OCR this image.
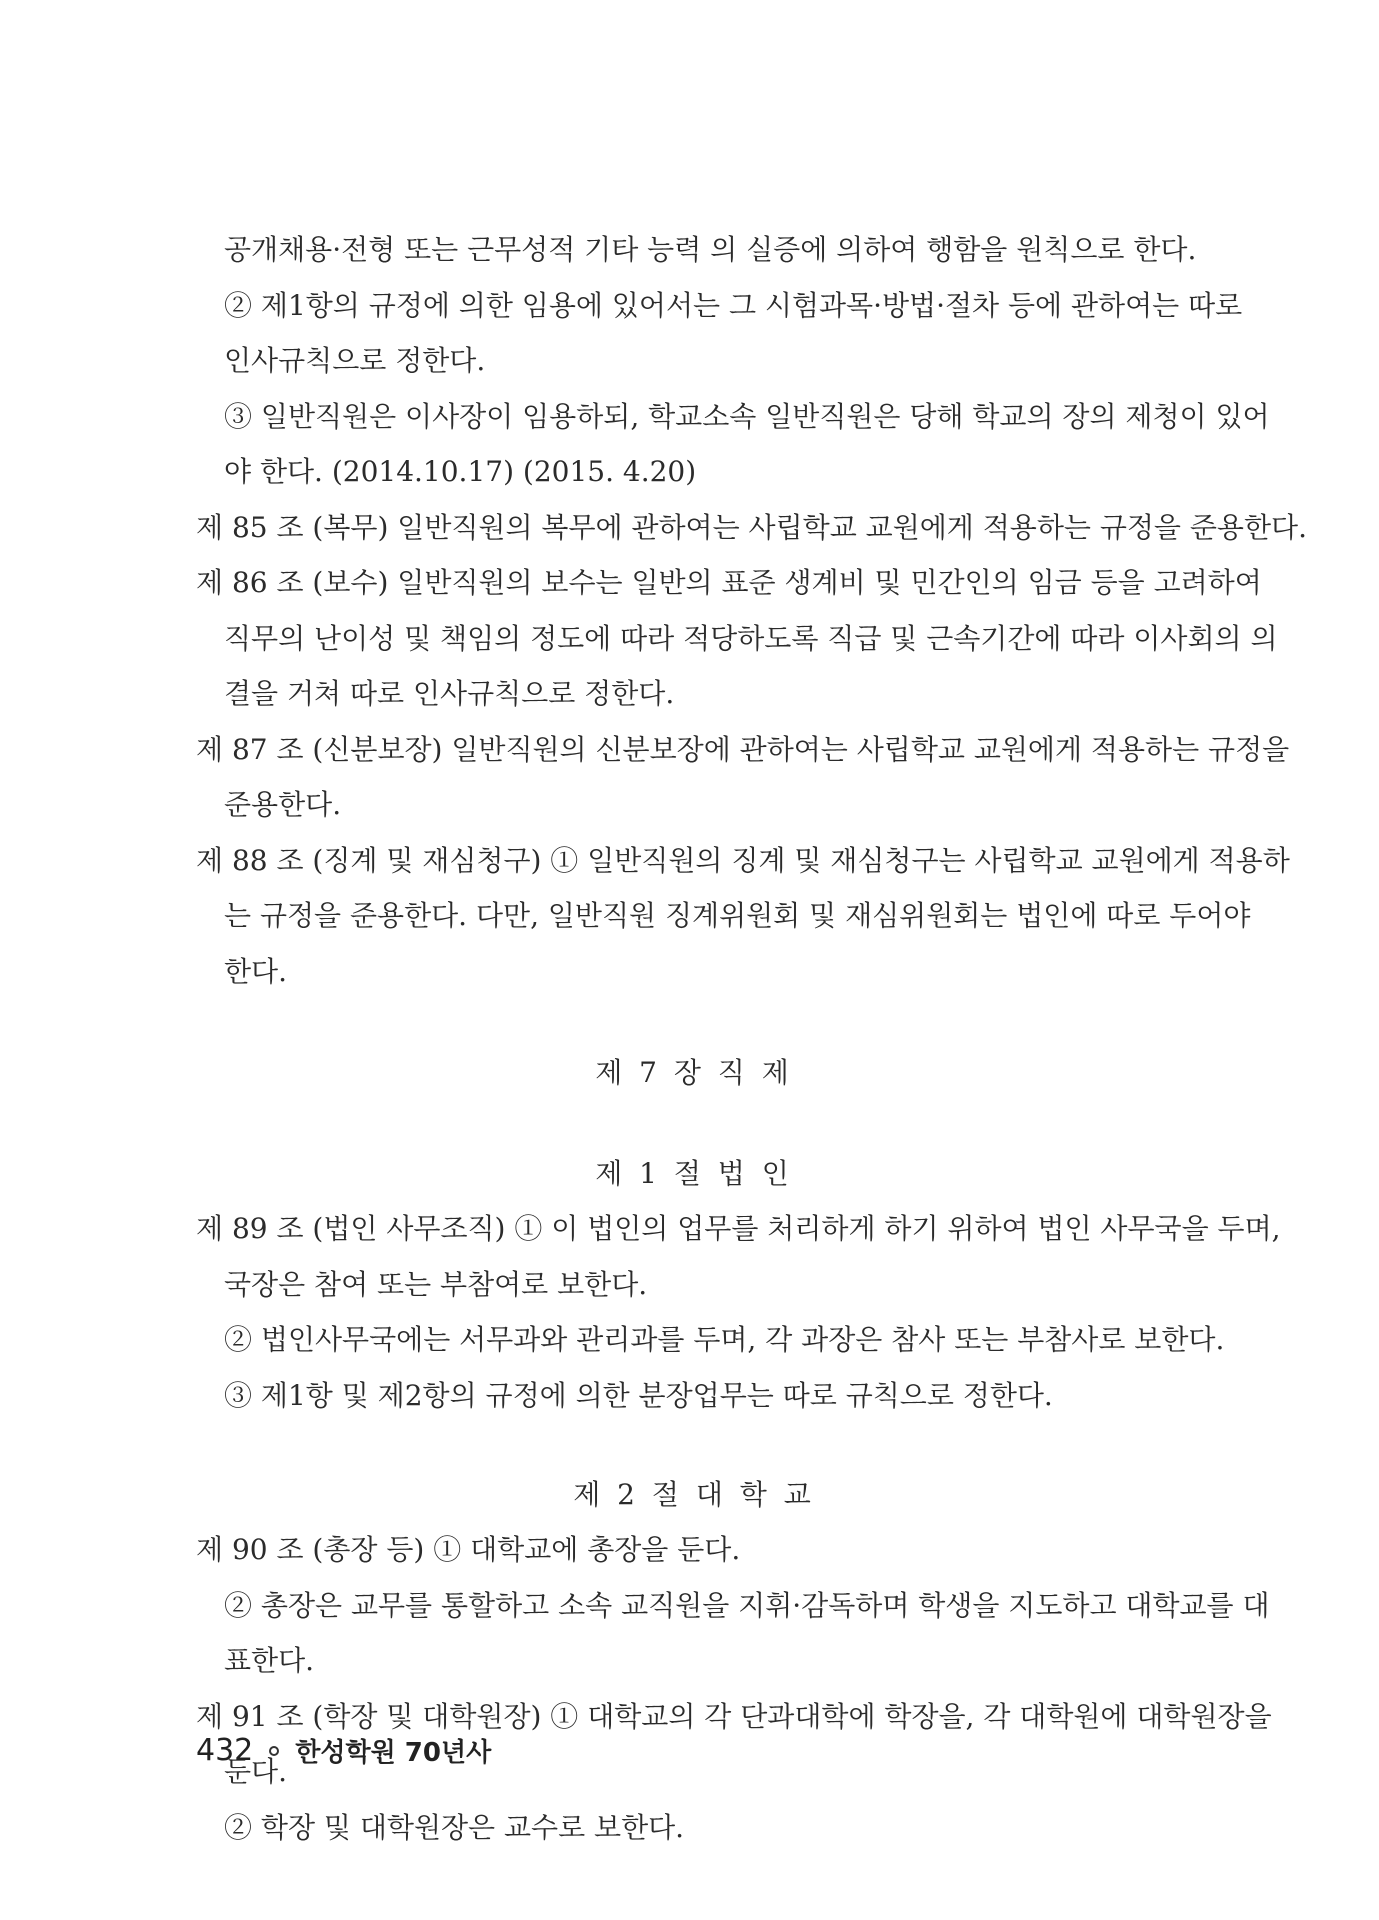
공개채용·전형 또는 근무성적 기타 능력 의 실증에 의하여 행함을 원칙으로 한다.
② 제1항의 규정에 의한 임용에 있어서는 그 시험과목·방법·절차 등에 관하여는 따로
인사규칙으로 정한다.
③ 일반직원은 이사장이 임용하되, 학교소속 일반직원은 당해 학교의 장의 제청이 있어
야 한다. (2014.10.17) (2015. 4.20)
제 85 조 (복무) 일반직원의 복무에 관하여는 사립학교 교원에게 적용하는 규정을 준용한다.
제 86 조 (보수) 일반직원의 보수는 일반의 표준 생계비 및 민간인의 임금 등을 고려하여
직무의 난이성 및 책임의 정도에 따라 적당하도록 직급 및 근속기간에 따라 이사회의 의
결을 거쳐 따로 인사규칙으로 정한다.
제 87 조 (신분보장) 일반직원의 신분보장에 관하여는 사립학교 교원에게 적용하는 규정을
준용한다.
제 88 조 (징계 및 재심청구) ① 일반직원의 징계 및 재심청구는 사립학교 교원에게 적용하
는 규정을 준용한다. 다만, 일반직원 징계위원회 및 재심위원회는 법인에 따로 두어야
한다.
제 7 장 직 제
제 1 절 법 인
제 89 조 (법인 사무조직) ① 이 법인의 업무를 처리하게 하기 위하여 법인 사무국을 두며,
국장은 참여 또는 부참여로 보한다.
② 법인사무국에는 서무과와 관리과를 두며, 각 과장은 참사 또는 부참사로 보한다.
③ 제1항 및 제2항의 규정에 의한 분장업무는 따로 규칙으로 정한다.
제 2 절 대 학 교
제 90 조 (총장 등) ① 대학교에 총장을 둔다.
② 총장은 교무를 통할하고 소속 교직원을 지휘·감독하며 학생을 지도하고 대학교를 대
표한다.
제 91 조 (학장 및 대학원장) ① 대학교의 각 단과대학에 학장을, 각 대학원에 대학원장을
둔다.
② 학장 및 대학원장은 교수로 보한다.
432 한성학원 70년사
